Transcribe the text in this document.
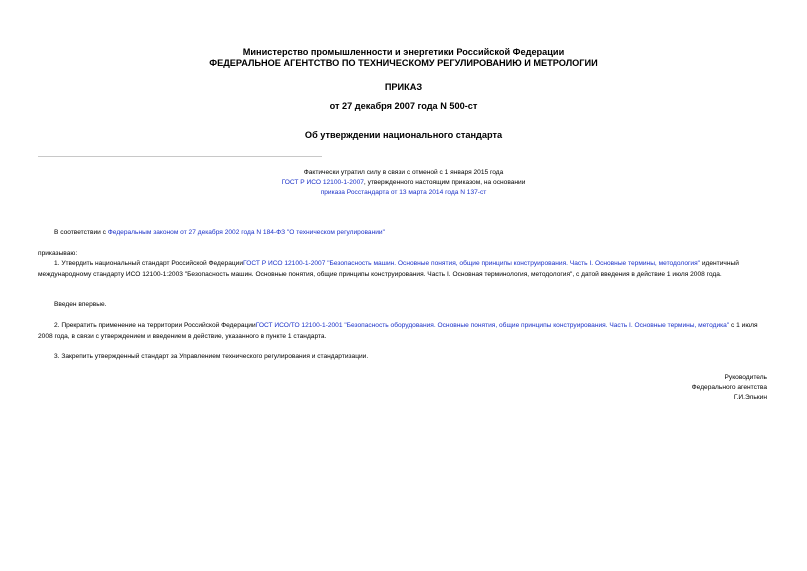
Министерство промышленности и энергетики Российской Федерации
ФЕДЕРАЛЬНОЕ АГЕНТСТВО ПО ТЕХНИЧЕСКОМУ РЕГУЛИРОВАНИЮ И МЕТРОЛОГИИ
ПРИКАЗ
от 27 декабря 2007 года N 500-ст
Об утверждении национального стандарта
Фактически утратил силу в связи с отменой с 1 января 2015 года
ГОСТ Р ИСО 12100-1-2007, утвержденного настоящим приказом, на основании
приказа Росстандарта от 13 марта 2014 года N 137-ст
В соответствии с Федеральным законом от 27 декабря 2002 года N 184-ФЗ "О техническом регулировании"
приказываю:
1. Утвердить национальный стандарт Российской ФедерацииГОСТ Р ИСО 12100-1-2007 "Безопасность машин. Основные понятия, общие принципы конструирования. Часть I. Основные термины, методология" идентичный международному стандарту ИСО 12100-1:2003 "Безопасность машин. Основные понятия, общие принципы конструирования. Часть I. Основная терминология, методология", с датой введения в действие 1 июля 2008 года.
Введен впервые.
2. Прекратить применение на территории Российской ФедерацииГОСТ ИСО/ТО 12100-1-2001 "Безопасность оборудования. Основные понятия, общие принципы конструирования. Часть I. Основные термины, методика" с 1 июля 2008 года, в связи с утверждением и введением в действие, указанного в пункте 1 стандарта.
3. Закрепить утвержденный стандарт за Управлением технического регулирования и стандартизации.
Руководитель
Федерального агентства
Г.И.Элькин
